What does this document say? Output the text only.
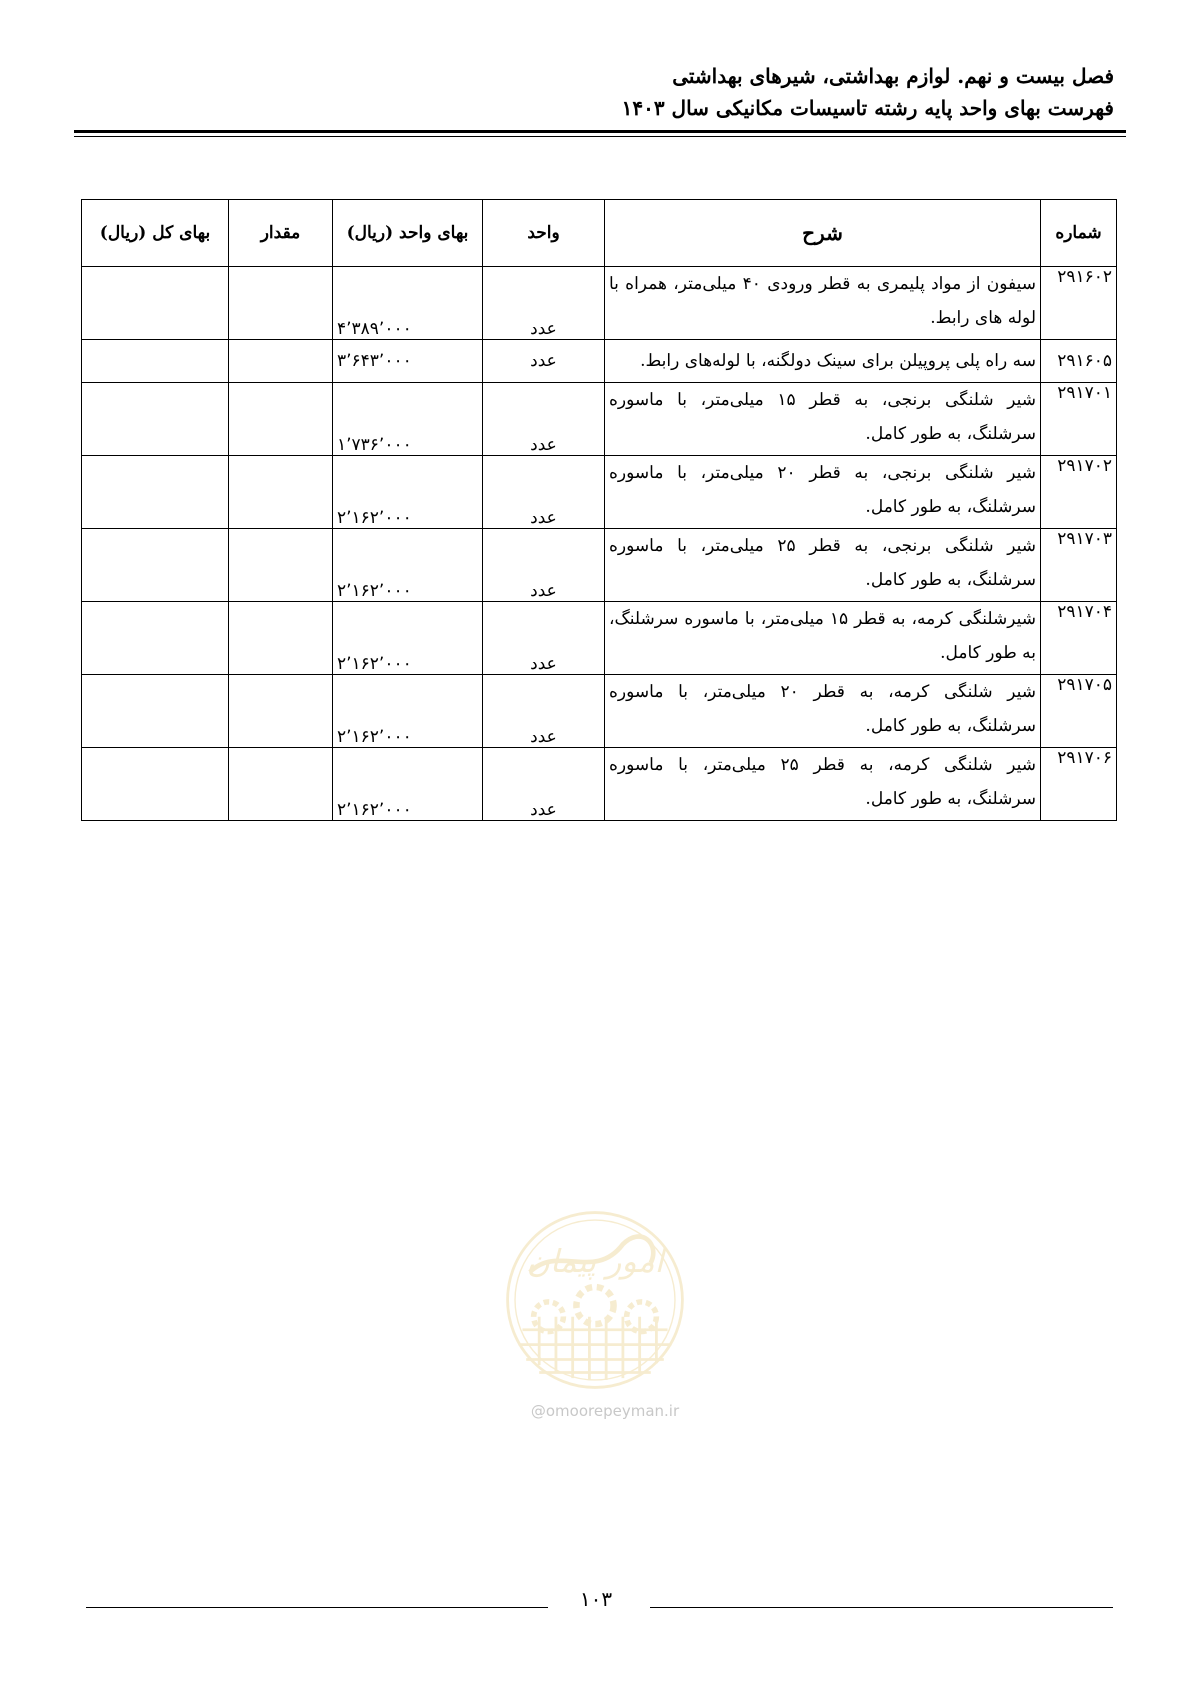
فصل بیست و نهم. لوازم بهداشتی، شیرهای بهداشتی
فهرست بهای واحد پایه رشته تاسیسات مکانیکی سال ۱۴۰۳
شماره	شرح	واحد	بهای واحد (ریال)	مقدار	بهای کل (ریال)
۲۹۱۶۰۲	سیفون از مواد پلیمری به قطر ورودی ۴۰ میلی‌متر، همراه با لوله های رابط.	عدد	۴٬۳۸۹٬۰۰۰		
۲۹۱۶۰۵	سه راه پلی پروپیلن برای سینک دولگنه، با لوله‌های رابط.	عدد	۳٬۶۴۳٬۰۰۰		
۲۹۱۷۰۱	شیر شلنگی برنجی، به قطر ۱۵ میلی‌متر، با ماسوره سرشلنگ، به طور کامل.	عدد	۱٬۷۳۶٬۰۰۰		
۲۹۱۷۰۲	شیر شلنگی برنجی، به قطر ۲۰ میلی‌متر، با ماسوره سرشلنگ، به طور کامل.	عدد	۲٬۱۶۲٬۰۰۰		
۲۹۱۷۰۳	شیر شلنگی برنجی، به قطر ۲۵ میلی‌متر، با ماسوره سرشلنگ، به طور کامل.	عدد	۲٬۱۶۲٬۰۰۰		
۲۹۱۷۰۴	شیرشلنگی کرمه، به قطر ۱۵ میلی‌متر، با ماسوره سرشلنگ، به طور کامل.	عدد	۲٬۱۶۲٬۰۰۰		
۲۹۱۷۰۵	شیر شلنگی کرمه، به قطر ۲۰ میلی‌متر، با ماسوره سرشلنگ، به طور کامل.	عدد	۲٬۱۶۲٬۰۰۰		
۲۹۱۷۰۶	شیر شلنگی کرمه، به قطر ۲۵ میلی‌متر، با ماسوره سرشلنگ، به طور کامل.	عدد	۲٬۱۶۲٬۰۰۰		
امور پیمان
@omoorepeyman.ir
۱۰۳
